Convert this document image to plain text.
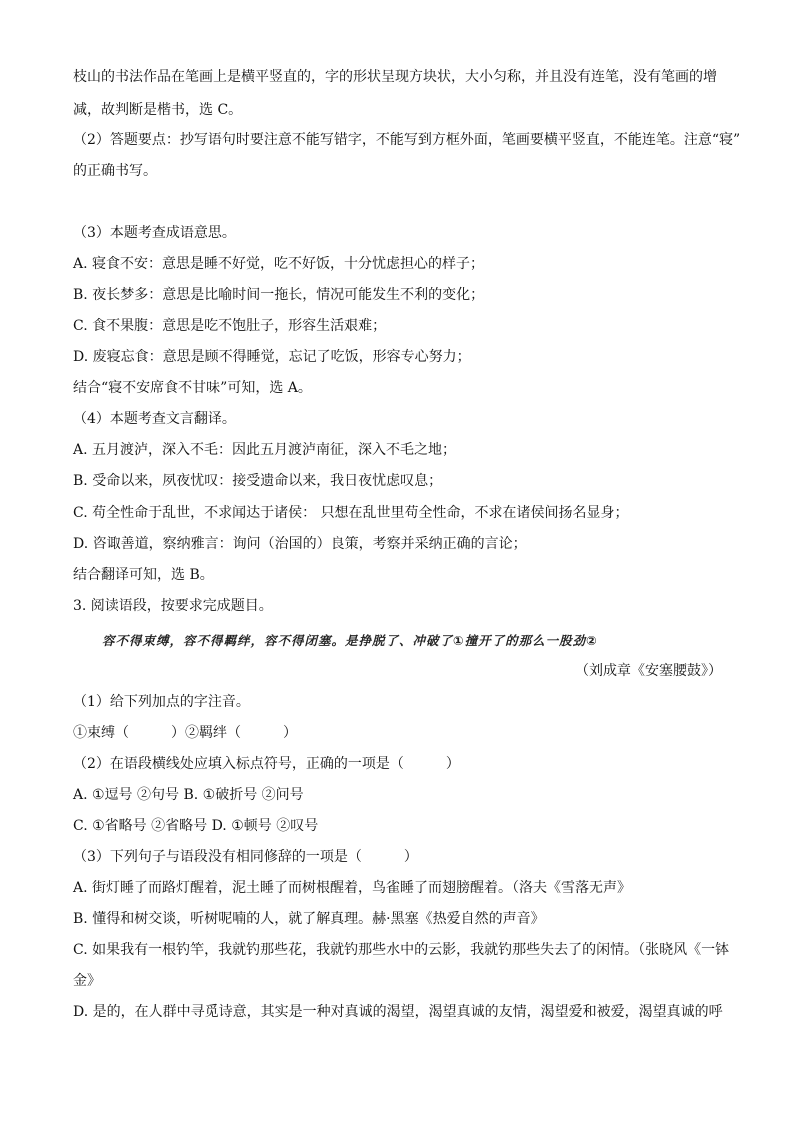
枝山的书法作品在笔画上是横平竖直的，字的形状呈现方块状，大小匀称，并且没有连笔，没有笔画的增
减，故判断是楷书，选 C。
（2）答题要点：抄写语句时要注意不能写错字，不能写到方框外面，笔画要横平竖直，不能连笔。注意“寝”
的正确书写。
（3）本题考查成语意思。
A. 寝食不安：意思是睡不好觉，吃不好饭，十分忧虑担心的样子；
B. 夜长梦多：意思是比喻时间一拖长，情况可能发生不利的变化；
C. 食不果腹：意思是吃不饱肚子，形容生活艰难；
D. 废寝忘食：意思是顾不得睡觉，忘记了吃饭，形容专心努力；
结合“寝不安席食不甘味”可知，选 A。
（4）本题考查文言翻译。
A. 五月渡泸，深入不毛：因此五月渡泸南征，深入不毛之地；
B. 受命以来，夙夜忧叹：接受遗命以来，我日夜忧虑叹息；
C. 苟全性命于乱世，不求闻达于诸侯： 只想在乱世里苟全性命，不求在诸侯间扬名显身；
D. 咨诹善道，察纳雅言：询问（治国的）良策，考察并采纳正确的言论；
结合翻译可知，选 B。
3. 阅读语段，按要求完成题目。
容不得束缚，容不得羁绊，容不得闭塞。是挣脱了、冲破了①撞开了的那么一股劲②
（刘成章《安塞腰鼓》）
（1）给下列加点的字注音。
①束缚（　　　）②羁绊（　　　）
（2）在语段横线处应填入标点符号，正确的一项是（　　　）
A. ①逗号 ②句号 B. ①破折号 ②问号
C. ①省略号 ②省略号 D. ①顿号 ②叹号
（3）下列句子与语段没有相同修辞的一项是（　　　）
A. 街灯睡了而路灯醒着，泥土睡了而树根醒着，鸟雀睡了而翅膀醒着。（洛夫《雪落无声》
B. 懂得和树交谈，听树呢喃的人，就了解真理。赫·黑塞《热爱自然的声音》
C. 如果我有一根钓竿，我就钓那些花，我就钓那些水中的云影，我就钓那些失去了的闲情。（张晓风《一钵
金》
D. 是的，在人群中寻觅诗意，其实是一种对真诚的渴望，渴望真诚的友情，渴望爱和被爱，渴望真诚的呼
